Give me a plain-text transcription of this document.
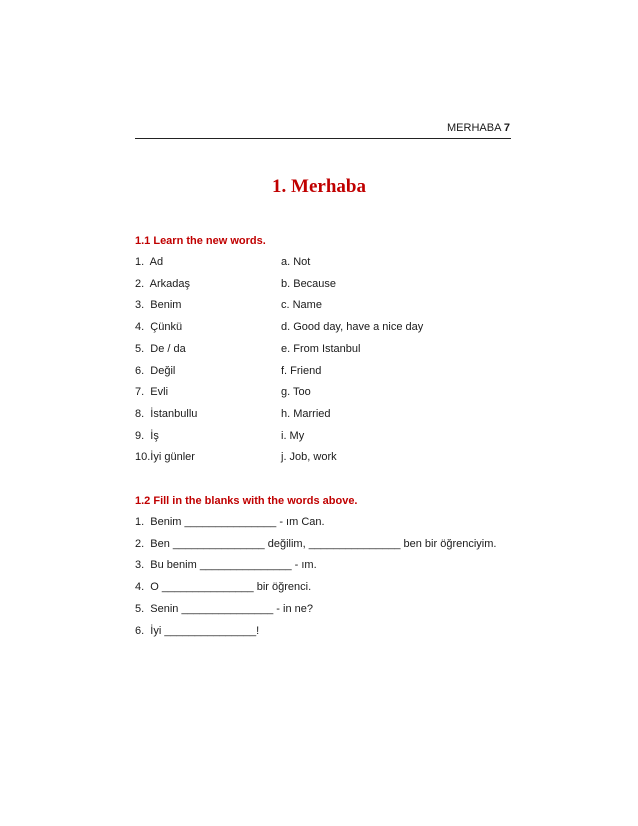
MERHABA 7
1. Merhaba
1.1 Learn the new words.
1.  Ad	a. Not
2.  Arkadaş	b. Because
3.  Benim	c. Name
4.  Çünkü	d. Good day, have a nice day
5.  De / da	e. From Istanbul
6.  Değil	f. Friend
7.  Evli	g. Too
8.  İstanbullu	h. Married
9.  İş	i. My
10.İyi günler	j. Job, work
1.2 Fill in the blanks with the words above.
1.  Benim _______________ - ım Can.
2.  Ben _______________ değilim, _______________ ben bir öğrenciyim.
3.  Bu benim _______________ - ım.
4.  O _______________ bir öğrenci.
5.  Senin _______________ - in ne?
6.  İyi _______________!
